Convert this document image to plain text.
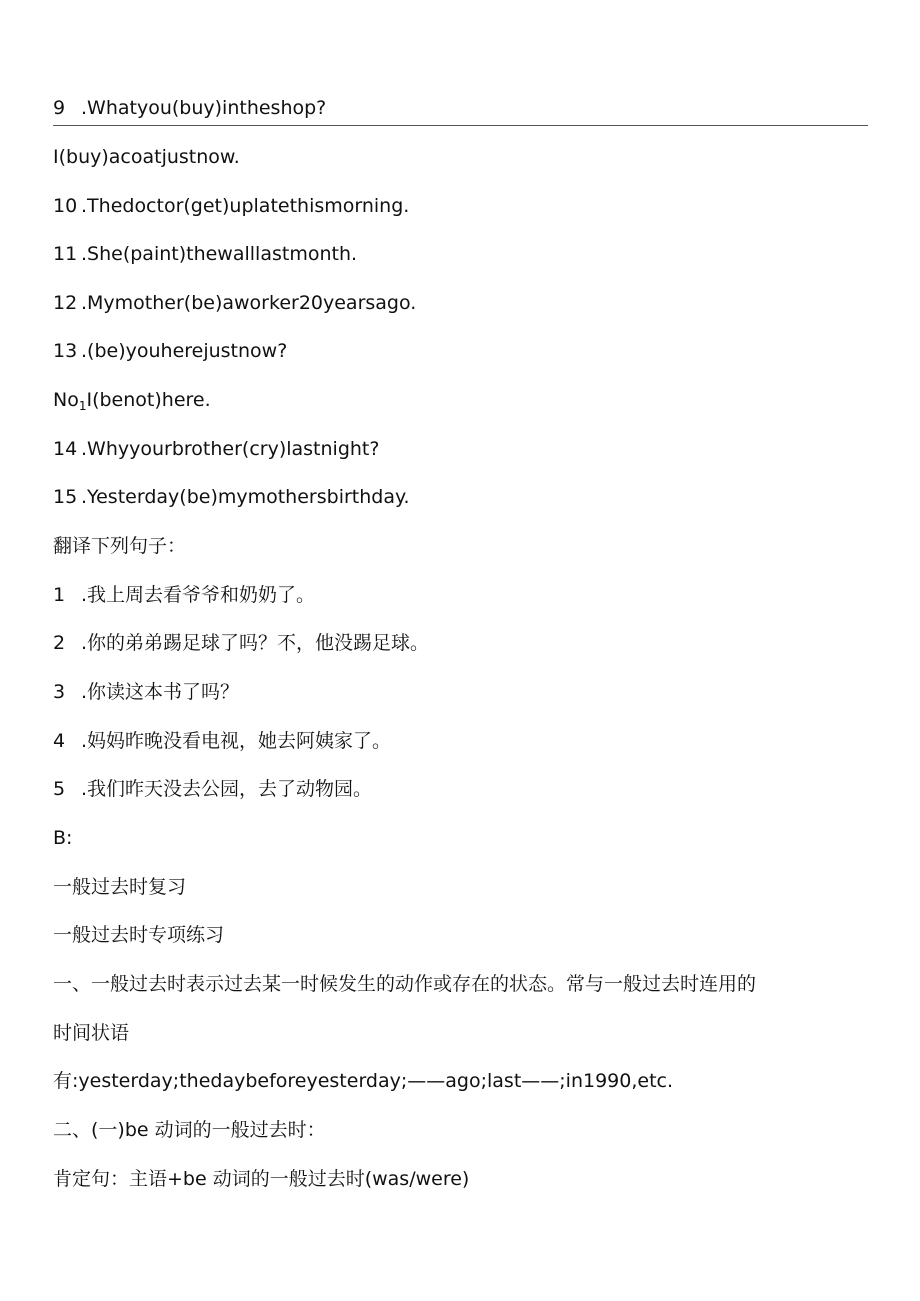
9 .Whatyou(buy)intheshop?
I(buy)acoatjustnow.
10 .Thedoctor(get)uplatethismorning.
11 .She(paint)thewalllastmonth.
12 .Mymother(be)aworker20yearsago.
13 .(be)youherejustnow?
$No_1I(benot)here$.
14 .Whyyourbrother(cry)lastnight?
15 .Yesterday(be)mymothersbirthday.
翻译下列句子：
1 .我上周去看爷爷和奶奶了。
2 .你的弟弟踢足球了吗？不，他没踢足球。
3 .你读这本书了吗？
4 .妈妈昨晚没看电视，她去阿姨家了。
5 .我们昨天没去公园，去了动物园。
B:
一般过去时复习
一般过去时专项练习
一、一般过去时表示过去某一时候发生的动作或存在的状态。常与一般过去时连用的
时间状语
有:yesterday;thedaybeforeyesterday;——ago;last——;in1990,etc.
二、(一)be 动词的一般过去时：
肯定句：主语+be 动词的一般过去时(was/were)
